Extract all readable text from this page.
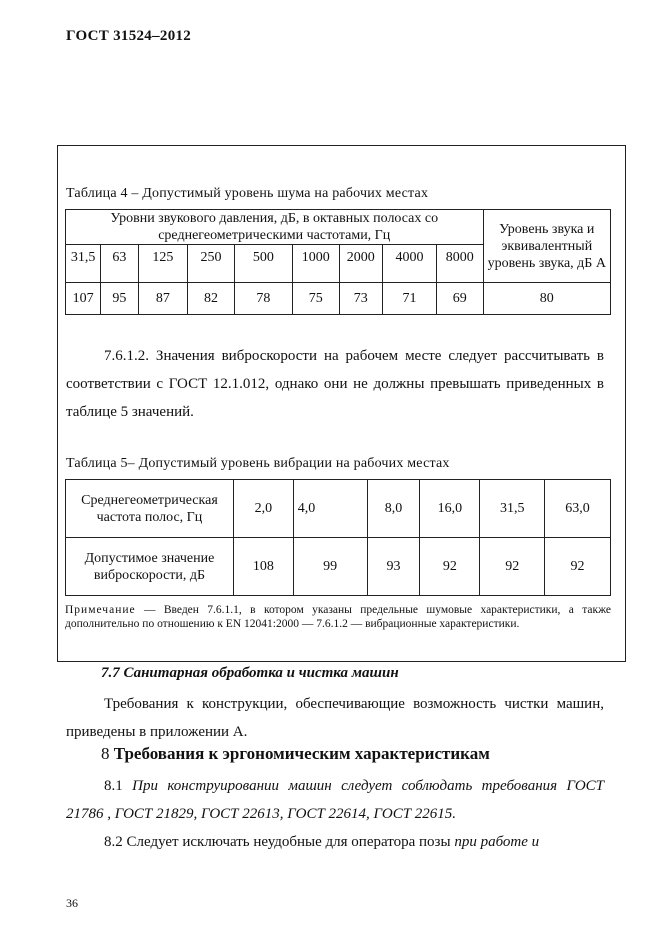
ГОСТ 31524–2012
Таблица 4 – Допустимый уровень шума на рабочих местах
Уровни звукового давления, дБ, в октавных полосах со среднегеометрическими частотами, Гц									Уровень звука и эквивалентный уровень звука, дБ А
31,5	63	125	250	500	1000	2000	4000	8000	
107	95	87	82	78	75	73	71	69	80
7.6.1.2. Значения виброскорости на рабочем месте следует рассчитывать в соответствии с ГОСТ 12.1.012, однако они не должны превышать приведенных в таблице 5 значений.
Таблица 5– Допустимый уровень вибрации на рабочих местах
Среднегеометрическая частота полос, Гц	2,0	4,0	8,0	16,0	31,5	63,0
Допустимое значение виброскорости, дБ	108	99	93	92	92	92
Примечание — Введен 7.6.1.1, в котором указаны предельные шумовые характеристики, а также дополнительно по отношению к EN 12041:2000 — 7.6.1.2 — вибрационные характеристики.
7.7 Санитарная обработка и чистка машин
Требования к конструкции, обеспечивающие возможность чистки машин, приведены в приложении А.
8 Требования к эргономическим характеристикам
8.1 При конструировании машин следует соблюдать требования ГОСТ 21786 , ГОСТ 21829, ГОСТ 22613, ГОСТ 22614, ГОСТ 22615.
8.2 Следует исключать неудобные для оператора позы при работе и
36
